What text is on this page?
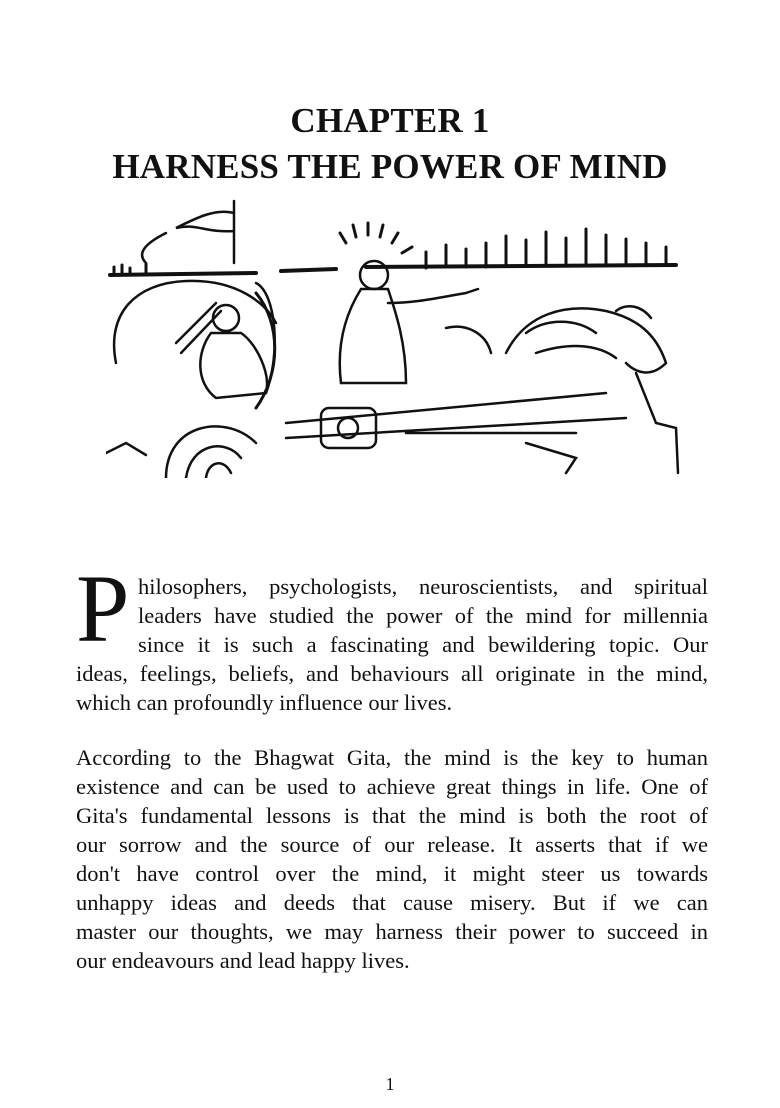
CHAPTER 1
HARNESS THE POWER OF MIND
P hilosophers, psychologists, neuroscientists, and spiritual
leaders have studied the power of the mind for millennia
since it is such a fascinating and bewildering topic. Our
ideas, feelings, beliefs, and behaviours all originate in the mind,
which can profoundly influence our lives.
According to the Bhagwat Gita, the mind is the key to human
existence and can be used to achieve great things in life. One of
Gita's fundamental lessons is that the mind is both the root of
our sorrow and the source of our release. It asserts that if we
don't have control over the mind, it might steer us towards
unhappy ideas and deeds that cause misery. But if we can
master our thoughts, we may harness their power to succeed in
our endeavours and lead happy lives.
1
